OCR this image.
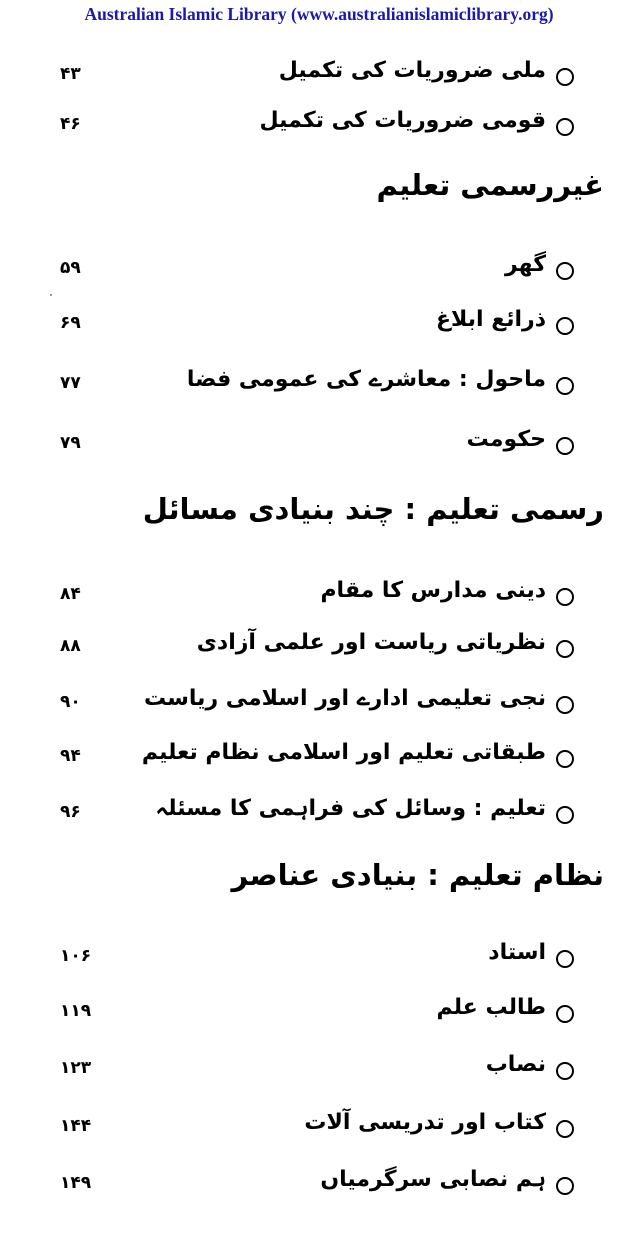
Australian Islamic Library (www.australianislamiclibrary.org)
۴۳	ملی ضروریات کی تکمیل
۴۶	قومی ضروریات کی تکمیل
غیررسمی تعلیم
۵۹	گھر
۶۹	ذرائع ابلاغ
۷۷	ماحول : معاشرے کی عمومی فضا
۷۹	حکومت
رسمی تعلیم : چند بنیادی مسائل
۸۴	دینی مدارس کا مقام
۸۸	نظریاتی ریاست اور علمی آزادی
۹۰	نجی تعلیمی ادارے اور اسلامی ریاست
۹۴	طبقاتی تعلیم اور اسلامی نظام تعلیم
۹۶	تعلیم : وسائل کی فراہمی کا مسئلہ
نظام تعلیم : بنیادی عناصر
۱۰۶	استاد
۱۱۹	طالب علم
۱۲۳	نصاب
۱۴۴	کتاب اور تدریسی آلات
۱۴۹	ہم نصابی سرگرمیاں
